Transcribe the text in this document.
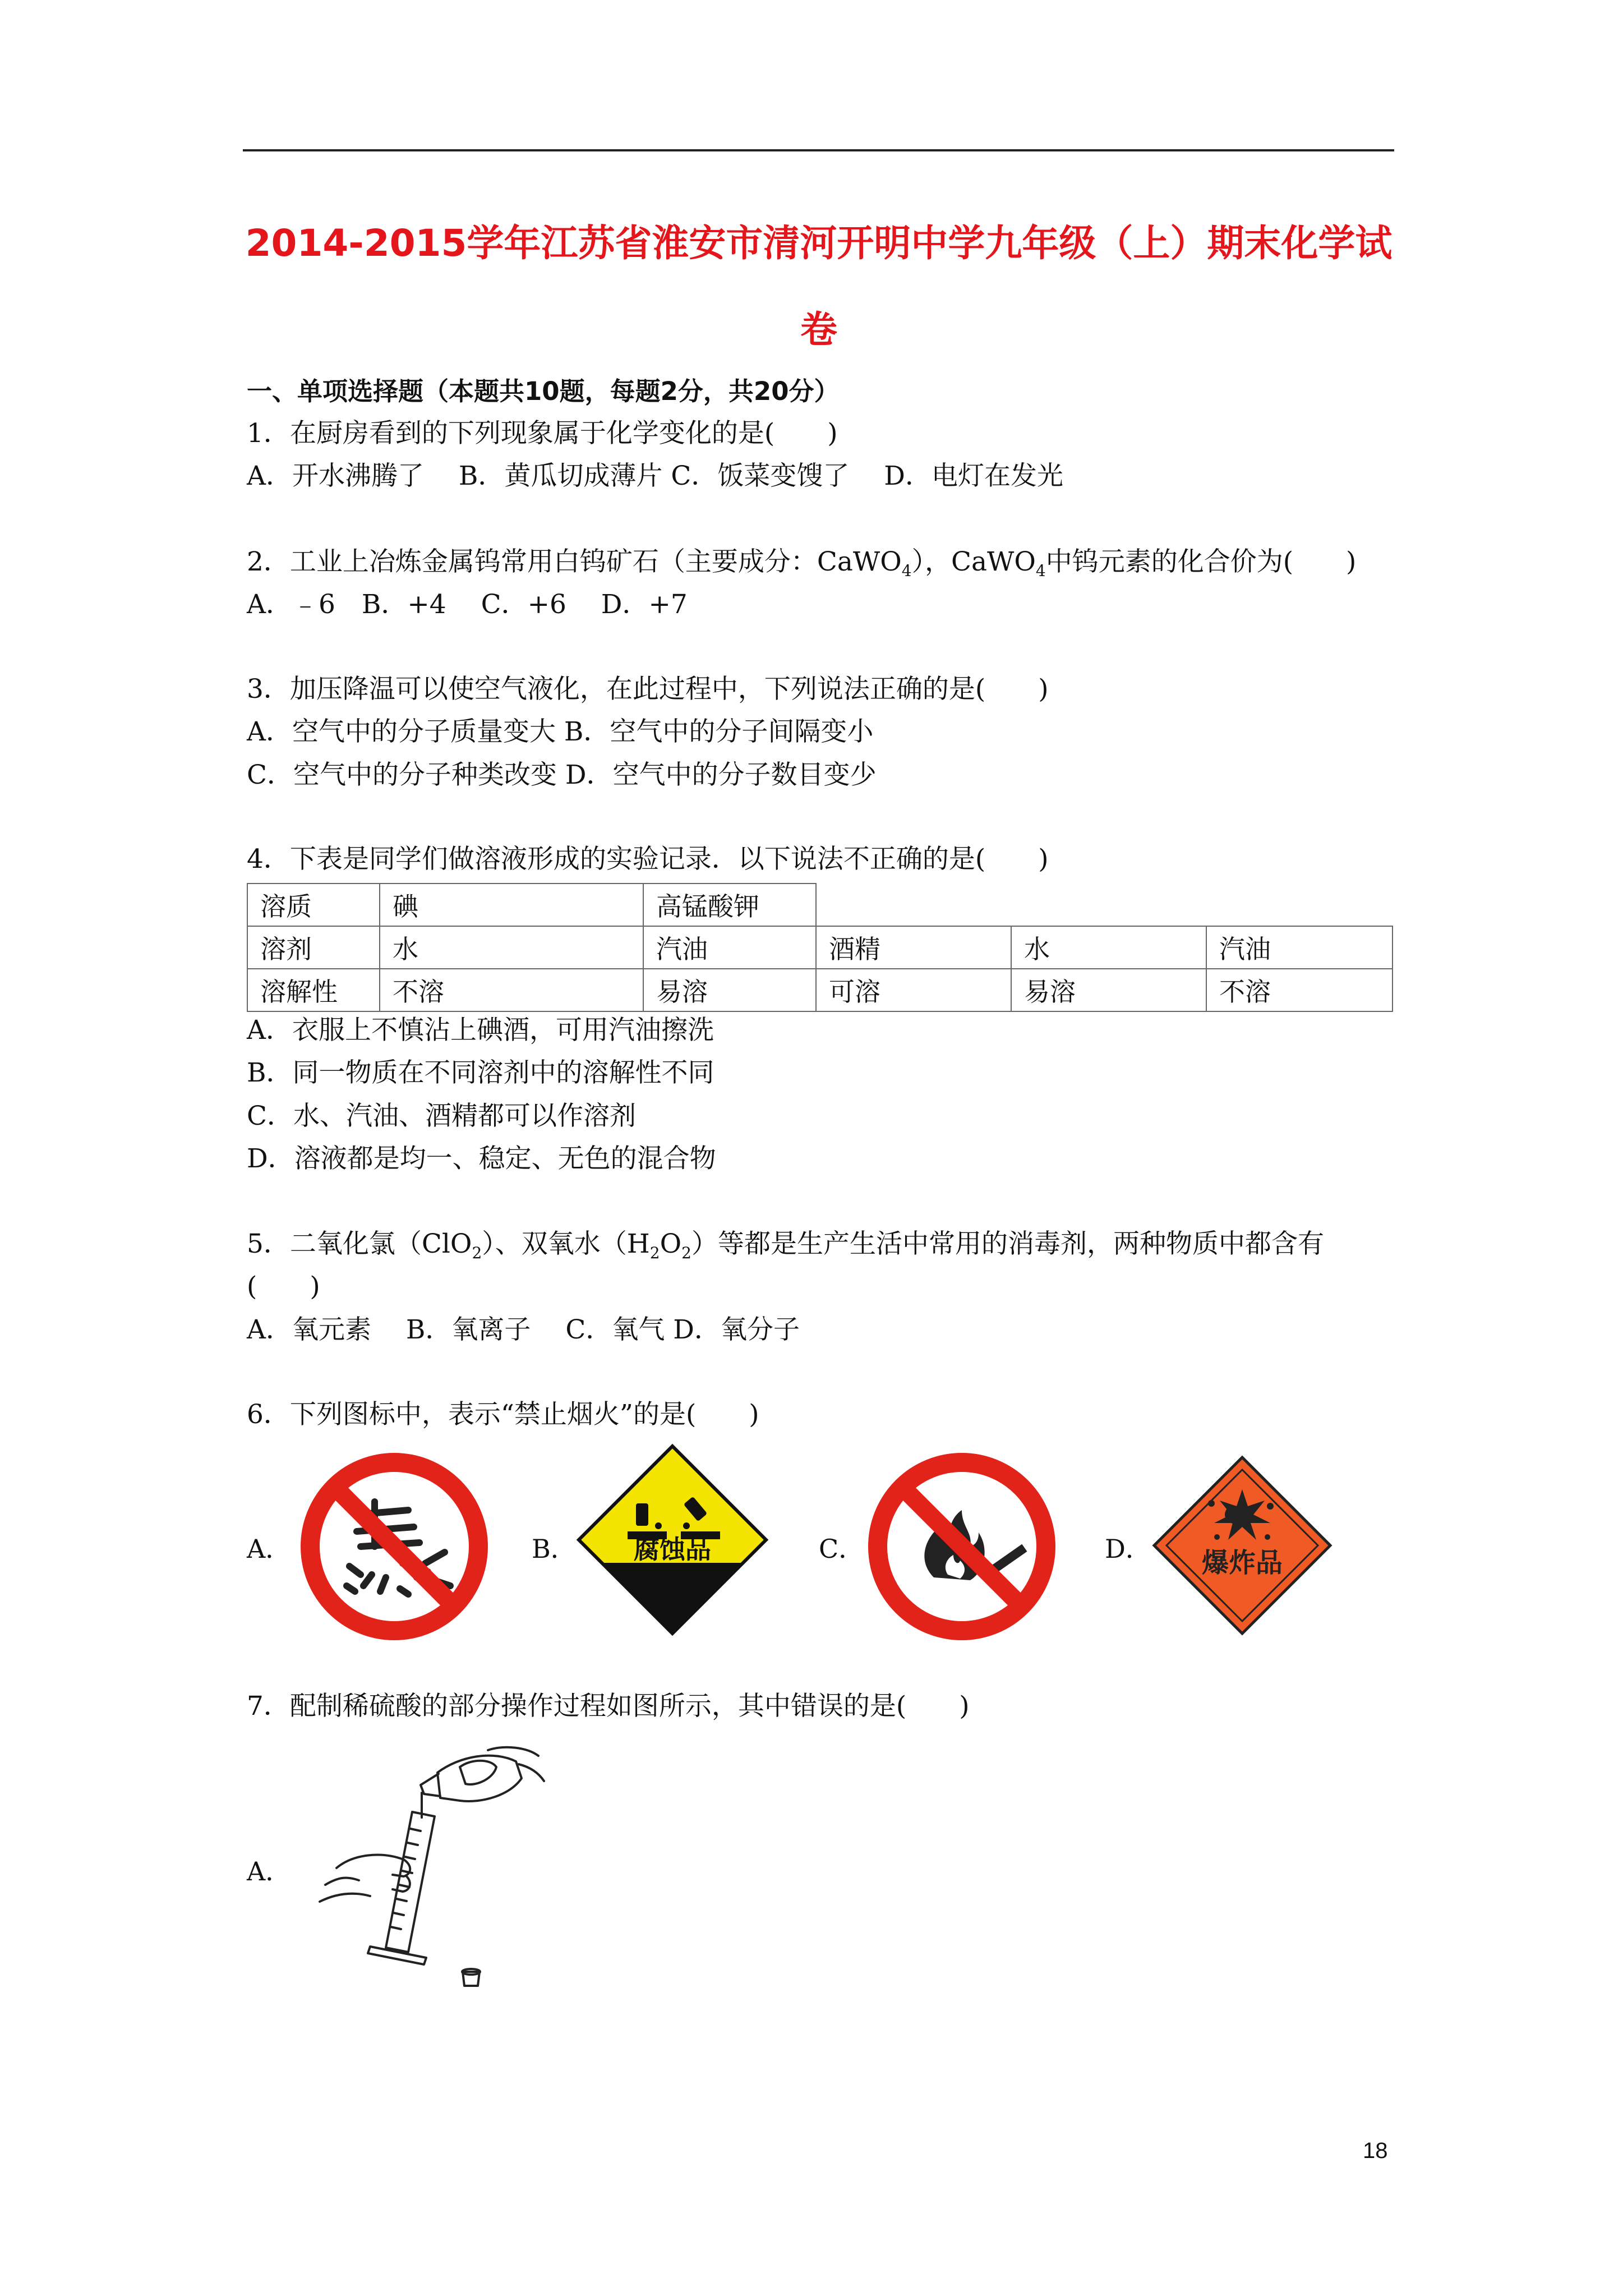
2014-2015学年江苏省淮安市清河开明中学九年级（上）期末化学试
卷
一、单项选择题（本题共10题，每题2分，共20分）
1．在厨房看到的下列现象属于化学变化的是(　　)
A．开水沸腾了　 B．黄瓜切成薄片 C．饭菜变馊了　 D．电灯在发光
2．工业上冶炼金属钨常用白钨矿石（主要成分：CaWO$_4$），CaWO$_4$中钨元素的化合价为(　　)
A．﹣6　B．+4　 C．+6　 D．+7
3．加压降温可以使空气液化，在此过程中，下列说法正确的是(　　)
A．空气中的分子质量变大 B．空气中的分子间隔变小
C．空气中的分子种类改变 D．空气中的分子数目变少
4．下表是同学们做溶液形成的实验记录．以下说法不正确的是(　　)
溶质	碘	高锰酸钾			
溶剂	水	汽油	酒精	水	汽油
溶解性	不溶	易溶	可溶	易溶	不溶
A．衣服上不慎沾上碘酒，可用汽油擦洗
B．同一物质在不同溶剂中的溶解性不同
C．水、汽油、酒精都可以作溶剂
D．溶液都是均一、稳定、无色的混合物
5．二氧化氯（ClO$_2$）、双氧水$(H_2O_2)$等都是生产生活中常用的消毒剂，两种物质中都含有
(　　)
A．氧元素　 B．氧离子　 C．氧气 D．氧分子
6．下列图标中，表示“禁止烟火”的是(　　)
A．	B． 腐蚀品	C．	D． 爆炸品
7．配制稀硫酸的部分操作过程如图所示，其中错误的是(　　)
A．
18
